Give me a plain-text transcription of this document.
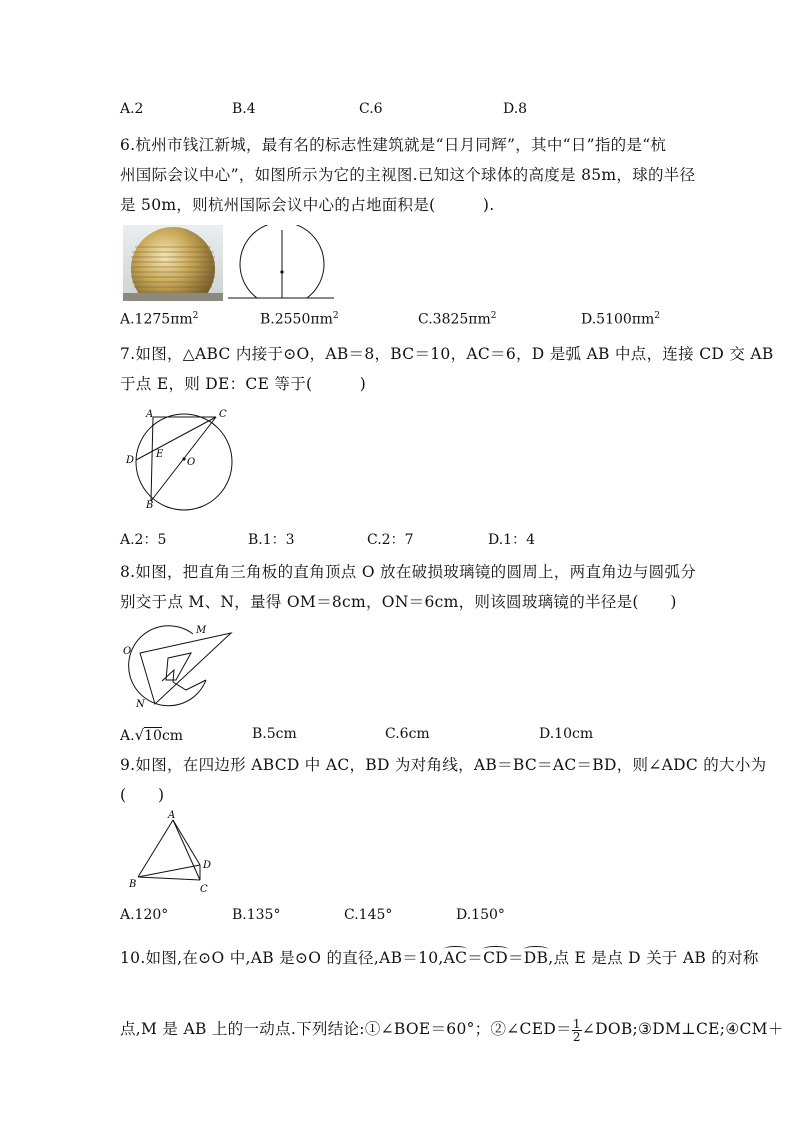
A.2	B.4	C.6	D.8
6.杭州市钱江新城，最有名的标志性建筑就是“日月同辉”，其中“日”指的是“杭
州国际会议中心”，如图所示为它的主视图.已知这个球体的高度是 85m，球的半径
是 50m，则杭州国际会议中心的占地面积是(　　　).
$A.1275\pi m^2$	$B.2550\pi m^2$	$C.3825\pi m^2$	$D.5100\pi m^2$
7.如图，△ABC 内接于⊙O，AB＝8，BC＝10，AC＝6，D 是弧 AB 中点，连接 CD 交 AB
于点 E，则 DE：CE 等于(　　　)
A	C
D
E
O
B
A.2：5	B.1：3	C.2：7	D.1：4
8.如图，把直角三角板的直角顶点 O 放在破损玻璃镜的圆周上，两直角边与圆弧分
别交于点 M、N，量得 OM＝8cm，ON＝6cm，则该圆玻璃镜的半径是(　　)
O
M
N
A.√10cm	B.5cm	C.6cm	D.10cm
9.如图，在四边形 ABCD 中 AC，BD 为对角线，AB＝BC＝AC＝BD，则∠ADC 的大小为
(　　)
A
B	C
D
A.120°	B.135°	C.145°	D.150°
10.如图,在⊙O 中,AB 是⊙O 的直径,AB＝10,AC＝CD＝DB,点 E 是点 D 关于 AB 的对称
点,M 是 AB 上的一动点.下列结论:①∠BOE＝60°；②∠CED＝ $\frac{1}{2}$ ∠DOB;③DM⊥CE;④CM＋
